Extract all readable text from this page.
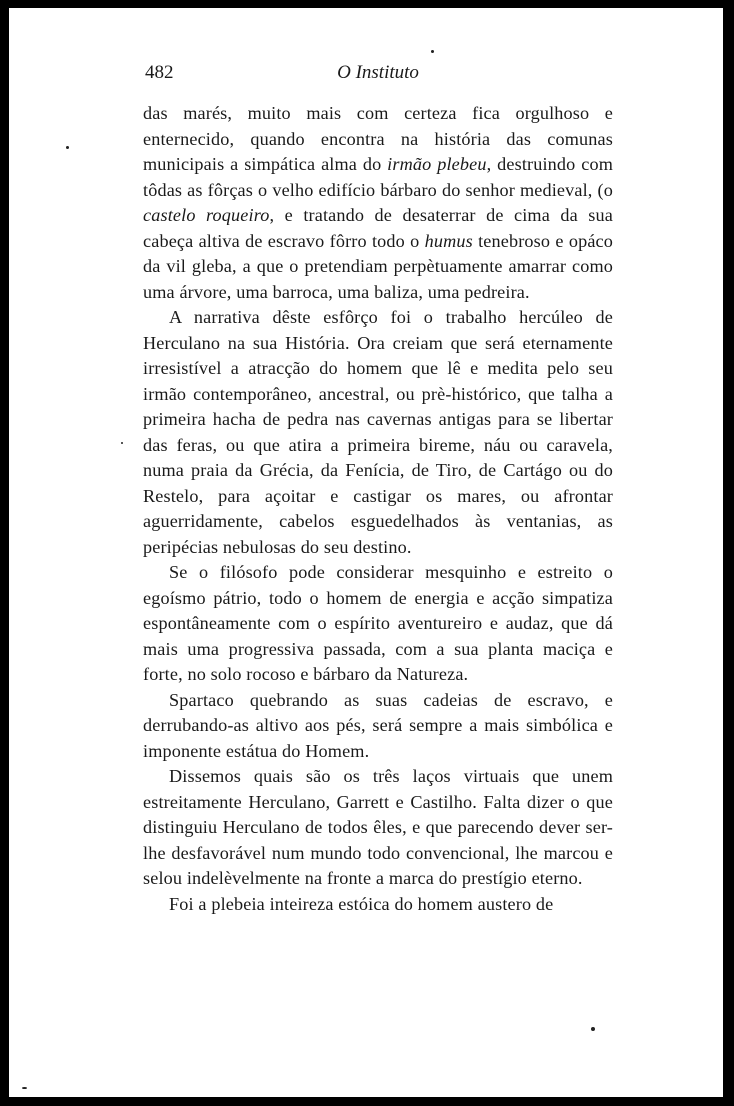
482	O Instituto

das marés, muito mais com certeza fica orgulhoso e enternecido, quando encontra na história das comunas municipais a simpática alma do irmão plebeu, destruindo com tôdas as fôrças o velho edifício bárbaro do senhor medieval, (o castelo roqueiro, e tratando de desaterrar de cima da sua cabeça altiva de escravo fôrro todo o humus tenebroso e opáco da vil gleba, a que o pretendiam perpètuamente amarrar como uma árvore, uma barroca, uma baliza, uma pedreira.

A narrativa dêste esfôrço foi o trabalho hercúleo de Herculano na sua História. Ora creiam que será eternamente irresistível a atracção do homem que lê e medita pelo seu irmão contemporâneo, ancestral, ou prè-histórico, que talha a primeira hacha de pedra nas cavernas antigas para se libertar das feras, ou que atira a primeira bireme, náu ou caravela, numa praia da Grécia, da Fenícia, de Tiro, de Cartágo ou do Restelo, para açoitar e castigar os mares, ou afrontar aguerridamente, cabelos esguedelhados às ventanias, as peripécias nebulosas do seu destino.

Se o filósofo pode considerar mesquinho e estreito o egoísmo pátrio, todo o homem de energia e acção simpatiza espontâneamente com o espírito aventureiro e audaz, que dá mais uma progressiva passada, com a sua planta maciça e forte, no solo rocoso e bárbaro da Natureza.

Spartaco quebrando as suas cadeias de escravo, e derrubando-as altivo aos pés, será sempre a mais simbólica e imponente estátua do Homem.

Dissemos quais são os três laços virtuais que unem estreitamente Herculano, Garrett e Castilho. Falta dizer o que distinguiu Herculano de todos êles, e que parecendo dever ser-lhe desfavorável num mundo todo convencional, lhe marcou e selou indelèvelmente na fronte a marca do prestígio eterno.

Foi a plebeia inteireza estóica do homem austero de
